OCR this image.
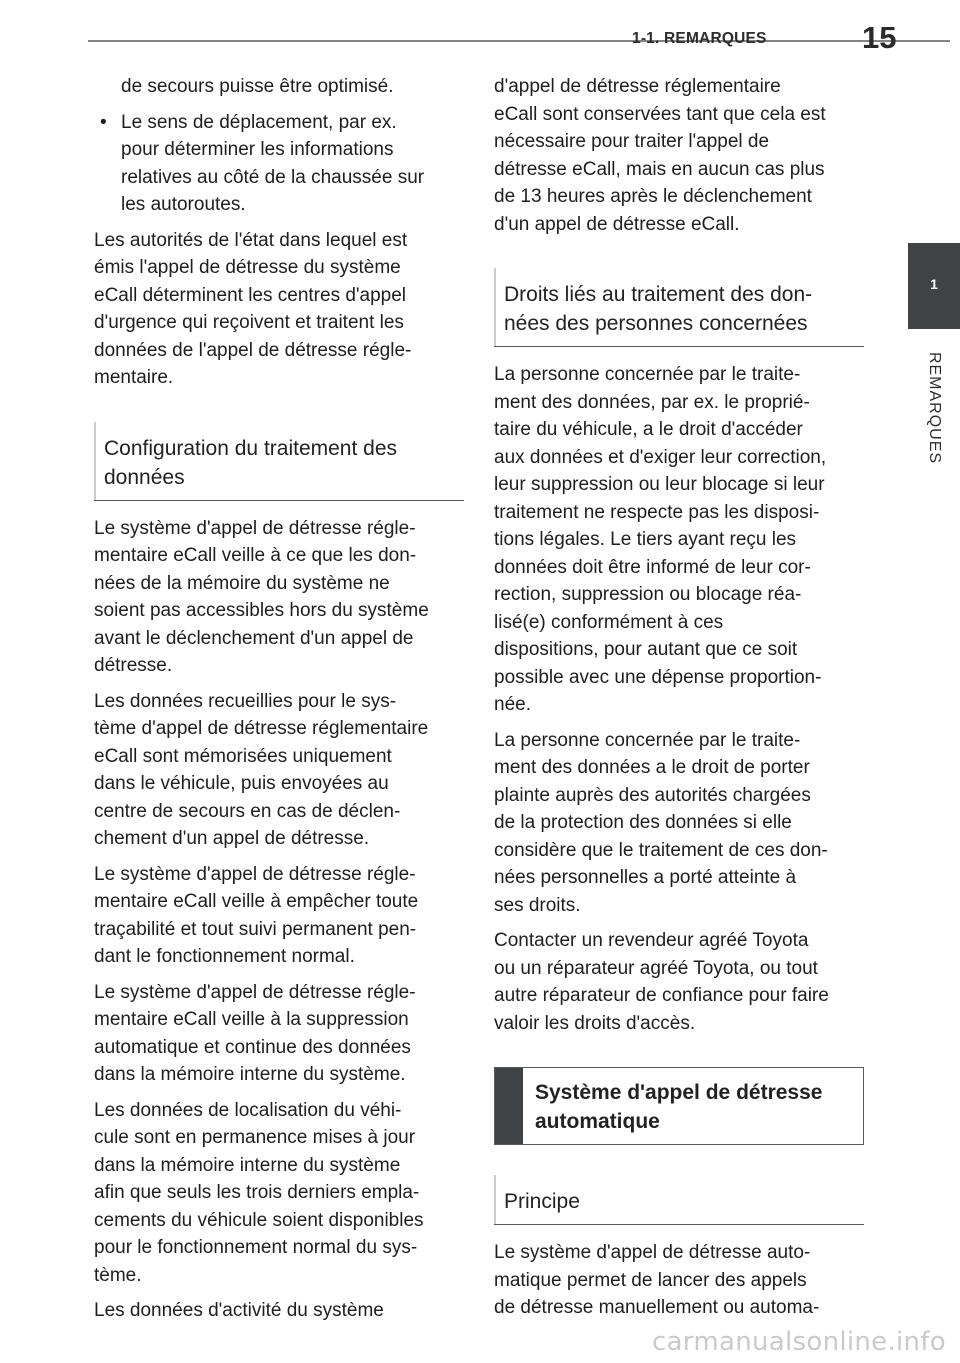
1-1. REMARQUES	15
1
REMARQUES

de secours puisse être optimisé.

• Le sens de déplacement, par ex.
pour déterminer les informations
relatives au côté de la chaussée sur
les autoroutes.

Les autorités de l'état dans lequel est
émis l'appel de détresse du système
eCall déterminent les centres d'appel
d'urgence qui reçoivent et traitent les
données de l'appel de détresse régle-
mentaire.

Configuration du traitement des
données

Le système d'appel de détresse régle-
mentaire eCall veille à ce que les don-
nées de la mémoire du système ne
soient pas accessibles hors du système
avant le déclenchement d'un appel de
détresse.

Les données recueillies pour le sys-
tème d'appel de détresse réglementaire
eCall sont mémorisées uniquement
dans le véhicule, puis envoyées au
centre de secours en cas de déclen-
chement d'un appel de détresse.

Le système d'appel de détresse régle-
mentaire eCall veille à empêcher toute
traçabilité et tout suivi permanent pen-
dant le fonctionnement normal.

Le système d'appel de détresse régle-
mentaire eCall veille à la suppression
automatique et continue des données
dans la mémoire interne du système.

Les données de localisation du véhi-
cule sont en permanence mises à jour
dans la mémoire interne du système
afin que seuls les trois derniers empla-
cements du véhicule soient disponibles
pour le fonctionnement normal du sys-
tème.

Les données d'activité du système

d'appel de détresse réglementaire
eCall sont conservées tant que cela est
nécessaire pour traiter l'appel de
détresse eCall, mais en aucun cas plus
de 13 heures après le déclenchement
d'un appel de détresse eCall.

Droits liés au traitement des don-
nées des personnes concernées

La personne concernée par le traite-
ment des données, par ex. le proprié-
taire du véhicule, a le droit d'accéder
aux données et d'exiger leur correction,
leur suppression ou leur blocage si leur
traitement ne respecte pas les disposi-
tions légales. Le tiers ayant reçu les
données doit être informé de leur cor-
rection, suppression ou blocage réa-
lisé(e) conformément à ces
dispositions, pour autant que ce soit
possible avec une dépense proportion-
née.

La personne concernée par le traite-
ment des données a le droit de porter
plainte auprès des autorités chargées
de la protection des données si elle
considère que le traitement de ces don-
nées personnelles a porté atteinte à
ses droits.

Contacter un revendeur agréé Toyota
ou un réparateur agréé Toyota, ou tout
autre réparateur de confiance pour faire
valoir les droits d'accès.

Système d'appel de détresse
automatique
Principe

Le système d'appel de détresse auto-
matique permet de lancer des appels
de détresse manuellement ou automa-

carmanualsonline.info
